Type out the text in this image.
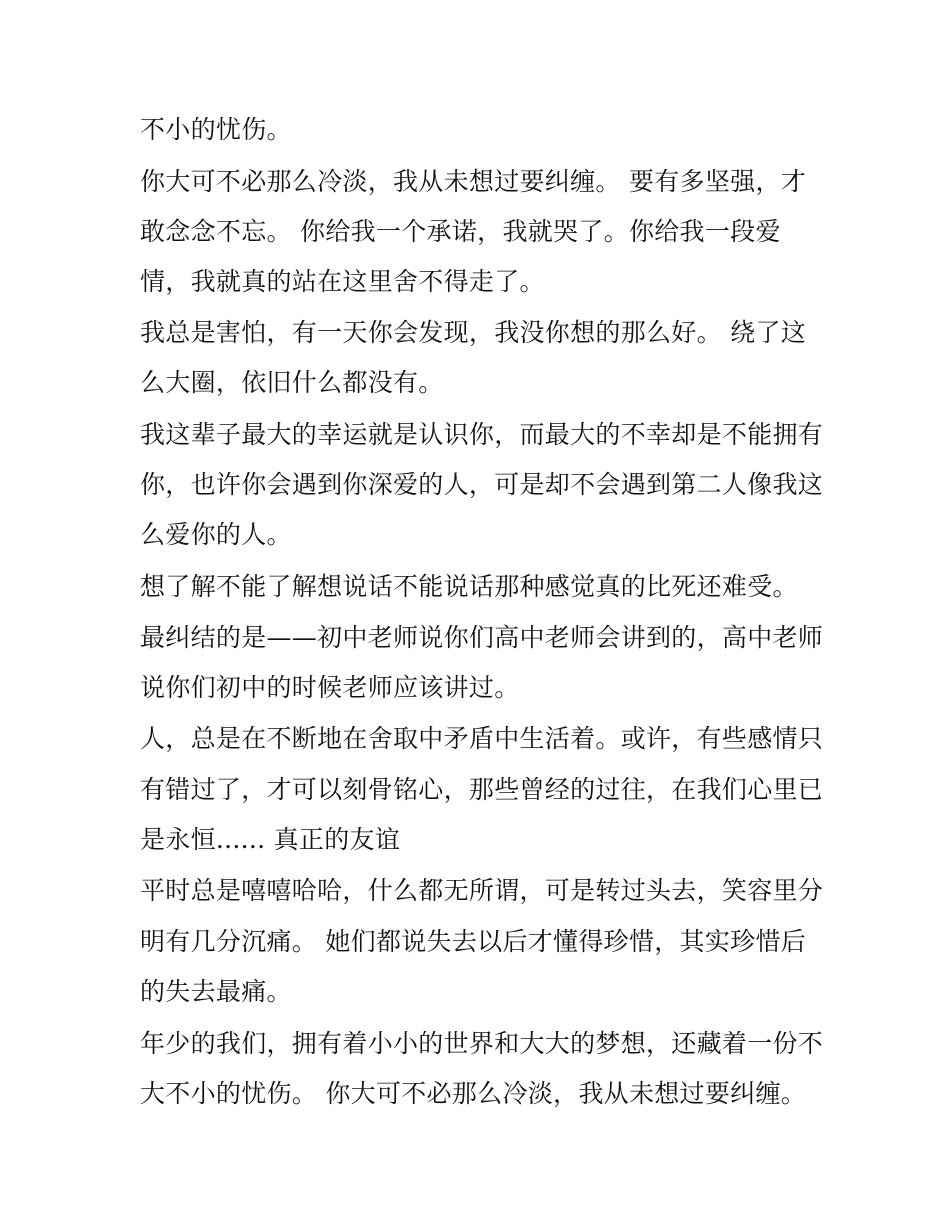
不小的忧伤。
你大可不必那么冷淡，我从未想过要纠缠。 要有多坚强，才
敢念念不忘。 你给我一个承诺，我就哭了。你给我一段爱
情，我就真的站在这里舍不得走了。
我总是害怕，有一天你会发现，我没你想的那么好。 绕了这
么大圈，依旧什么都没有。
我这辈子最大的幸运就是认识你，而最大的不幸却是不能拥有
你，也许你会遇到你深爱的人，可是却不会遇到第二人像我这
么爱你的人。
想了解不能了解想说话不能说话那种感觉真的比死还难受。
最纠结的是——初中老师说你们高中老师会讲到的，高中老师
说你们初中的时候老师应该讲过。
人，总是在不断地在舍取中矛盾中生活着。或许，有些感情只
有错过了，才可以刻骨铭心，那些曾经的过往，在我们心里已
是永恒...... 真正的友谊
平时总是嘻嘻哈哈，什么都无所谓，可是转过头去，笑容里分
明有几分沉痛。 她们都说失去以后才懂得珍惜，其实珍惜后
的失去最痛。
年少的我们，拥有着小小的世界和大大的梦想，还藏着一份不
大不小的忧伤。 你大可不必那么冷淡，我从未想过要纠缠。
